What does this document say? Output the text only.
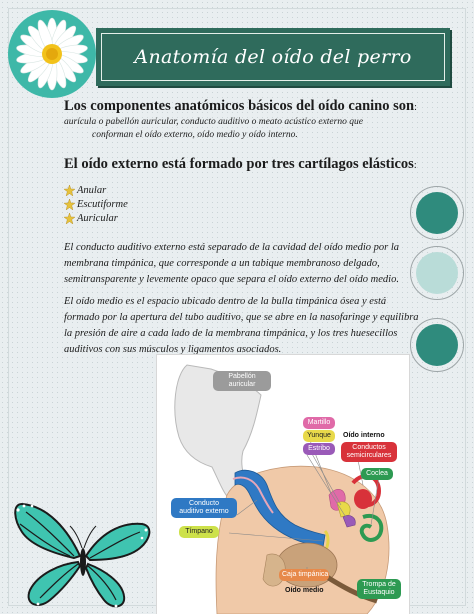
Anatomía del oído del perro
Los componentes anatómicos básicos del oído canino son:
aurícula o pabellón auricular, conducto auditivo o meato acústico externo que
conforman el oído externo, oído medio y oído interno.
El oído externo está formado por tres cartílagos elásticos:
Anular
Escutiforme
Auricular
El conducto auditivo externo está separado de la cavidad del oído medio por la
membrana timpánica, que corresponde a un tabique membranoso delgado,
semitransparente y levemente opaco que separa el oído externo del oído medio.
El oído medio es el espacio ubicado dentro de la bulla timpánica ósea y está
formado por la apertura del tubo auditivo, que se abre en la nasofaringe y equilibra
la presión de aire a cada lado de la membrana timpánica, y los tres huesecillos
auditivos con sus músculos y ligamentos asociados.
Pabellón
auricular
Martillo
Yunque
Estribo
Oído interno
Conductos
semicirculares
Coclea
Conducto
auditivo externo
Tímpano
Caja timpánica
Oído medio
Trompa de
Eustaquio
